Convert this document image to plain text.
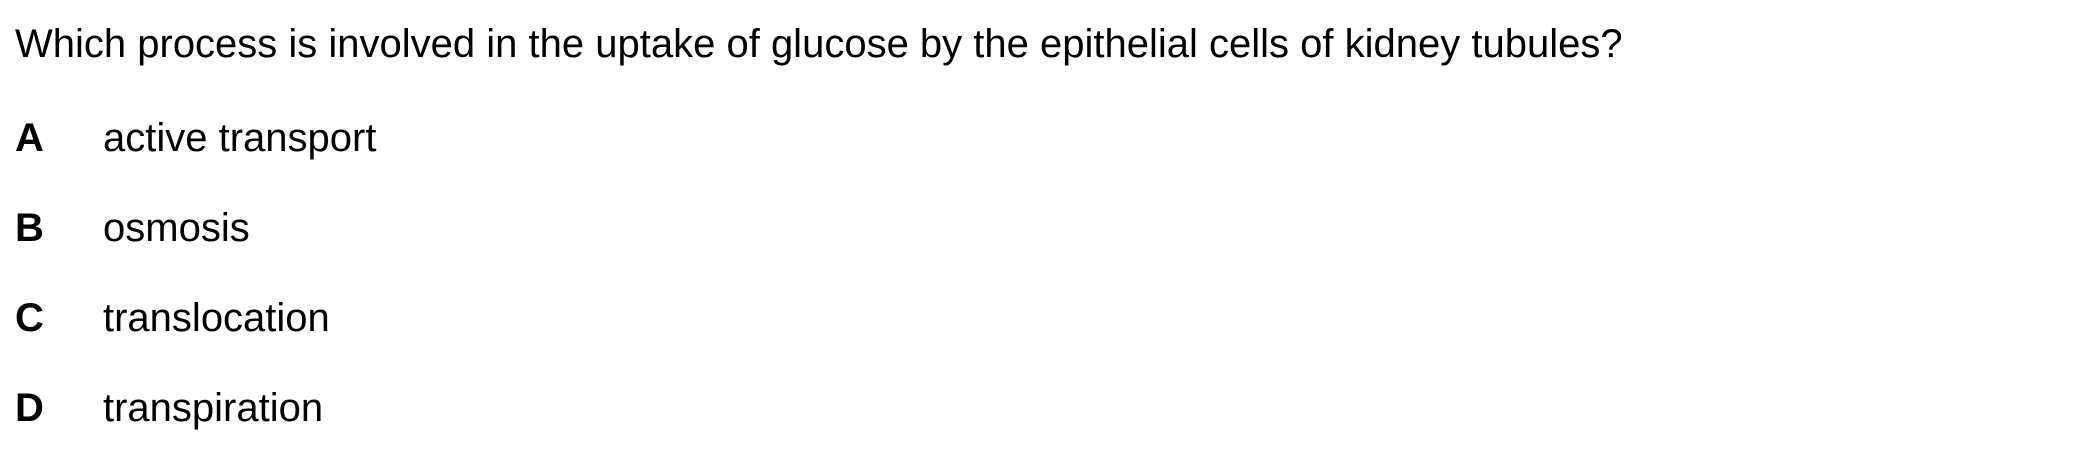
Which process is involved in the uptake of glucose by the epithelial cells of kidney tubules?
A	active transport
B	osmosis
C	translocation
D	transpiration
